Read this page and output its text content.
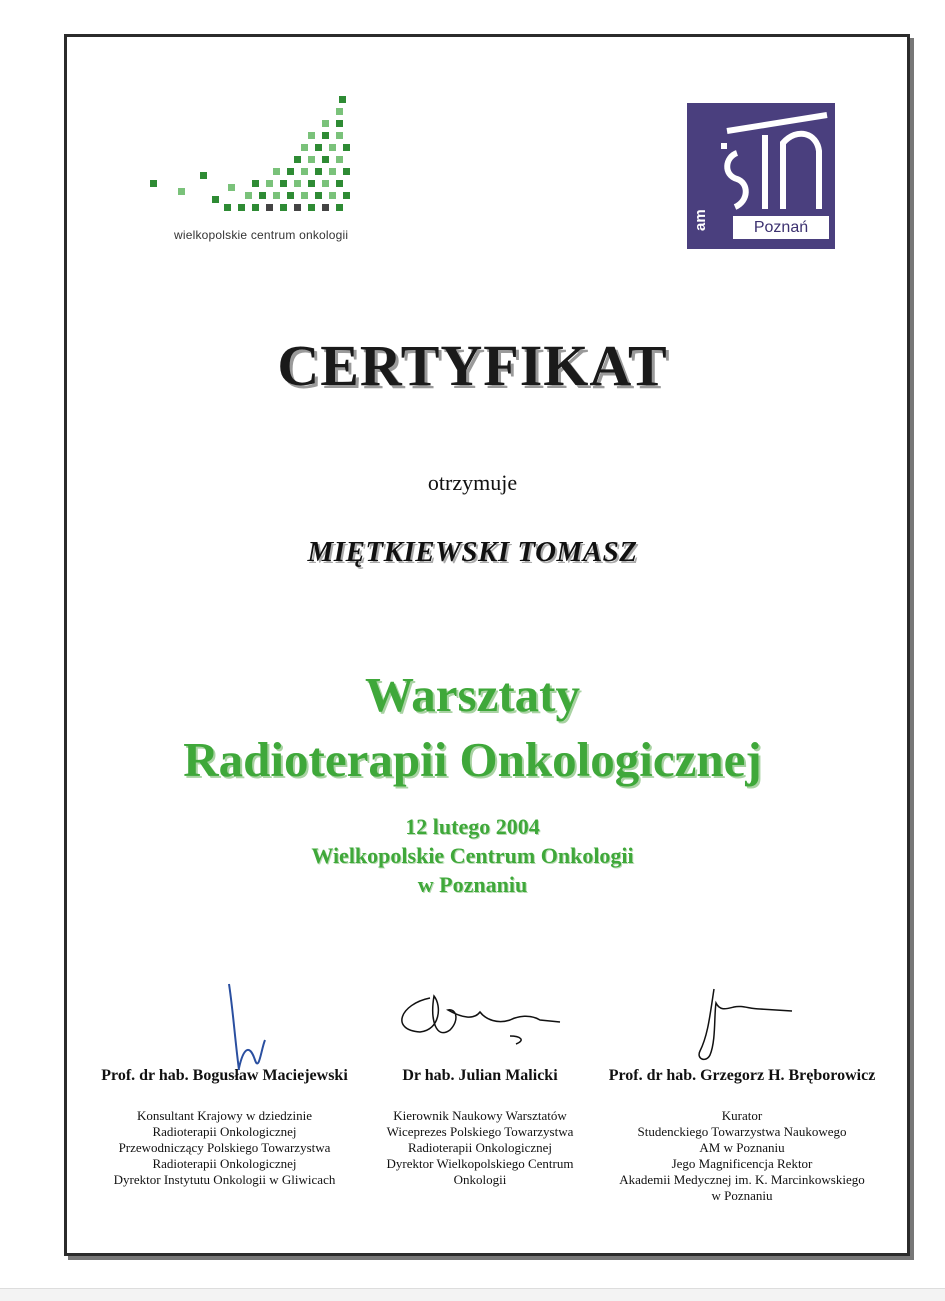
wielkopolskie centrum onkologii
am	Poznań
CERTYFIKAT
otrzymuje
MIĘTKIEWSKI TOMASZ
Warsztaty
Radioterapii Onkologicznej
12 lutego 2004
Wielkopolskie Centrum Onkologii
w Poznaniu
Prof. dr hab. Bogusław Maciejewski
Konsultant Krajowy w dziedzinie
Radioterapii Onkologicznej
Przewodniczący Polskiego Towarzystwa
Radioterapii Onkologicznej
Dyrektor Instytutu Onkologii w Gliwicach
Dr hab. Julian Malicki
Kierownik Naukowy Warsztatów
Wiceprezes Polskiego Towarzystwa
Radioterapii Onkologicznej
Dyrektor Wielkopolskiego Centrum
Onkologii
Prof. dr hab. Grzegorz H. Bręborowicz
Kurator
Studenckiego Towarzystwa Naukowego
AM w Poznaniu
Jego Magnificencja Rektor
Akademii Medycznej im. K. Marcinkowskiego
w Poznaniu
